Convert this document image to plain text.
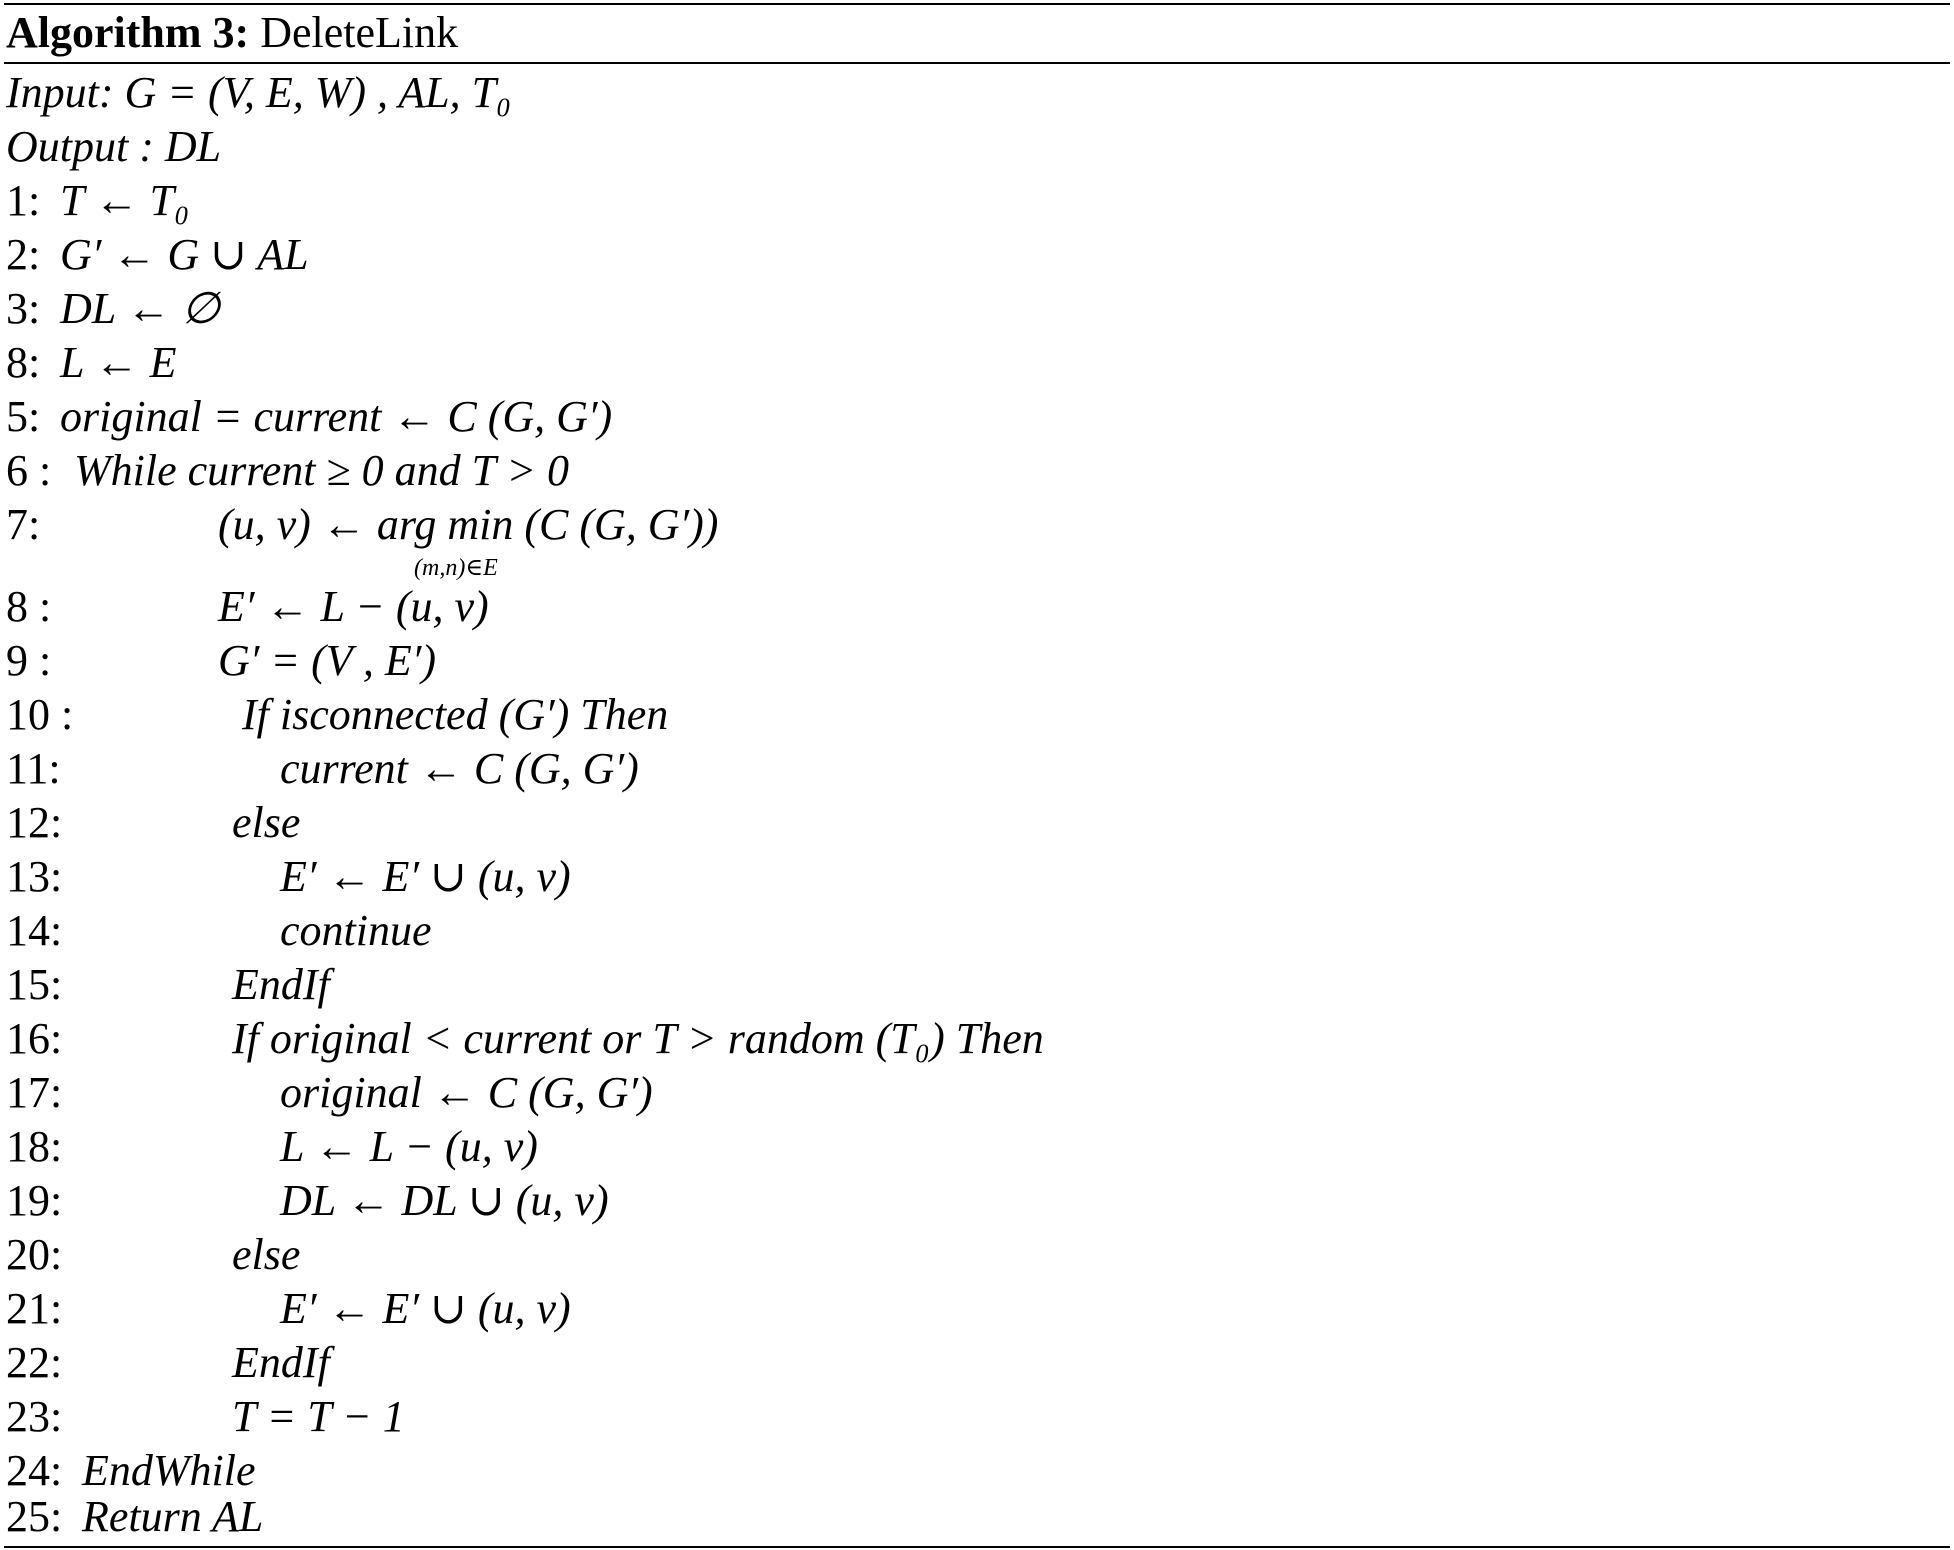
Algorithm 3: DeleteLink
Input: G = (V, E, W) , AL, T₀
Output : DL
1: T ← T₀
2: G′ ← G ∪ AL
3: DL ← ∅
8: L ← E
5: original = current ← C (G, G′)
6 : While current ≥ 0 and T > 0
7:	(u, v) ← arg min (C (G, G′))
(m,n)∈E
8 :	E′ ← L − (u, v)
9 :	G′ = (V , E′)
10 :	If isconnected (G′) Then
11:	current ← C (G, G′)
12:	else
13:	E′ ← E′ ∪ (u, v)
14:	continue
15:	EndIf
16:	If original < current or T > random (T₀) Then
17:	original ← C (G, G′)
18:	L ← L − (u, v)
19:	DL ← DL ∪ (u, v)
20:	else
21:	E′ ← E′ ∪ (u, v)
22:	EndIf
23:	T = T − 1
24: EndWhile
25: Return AL
